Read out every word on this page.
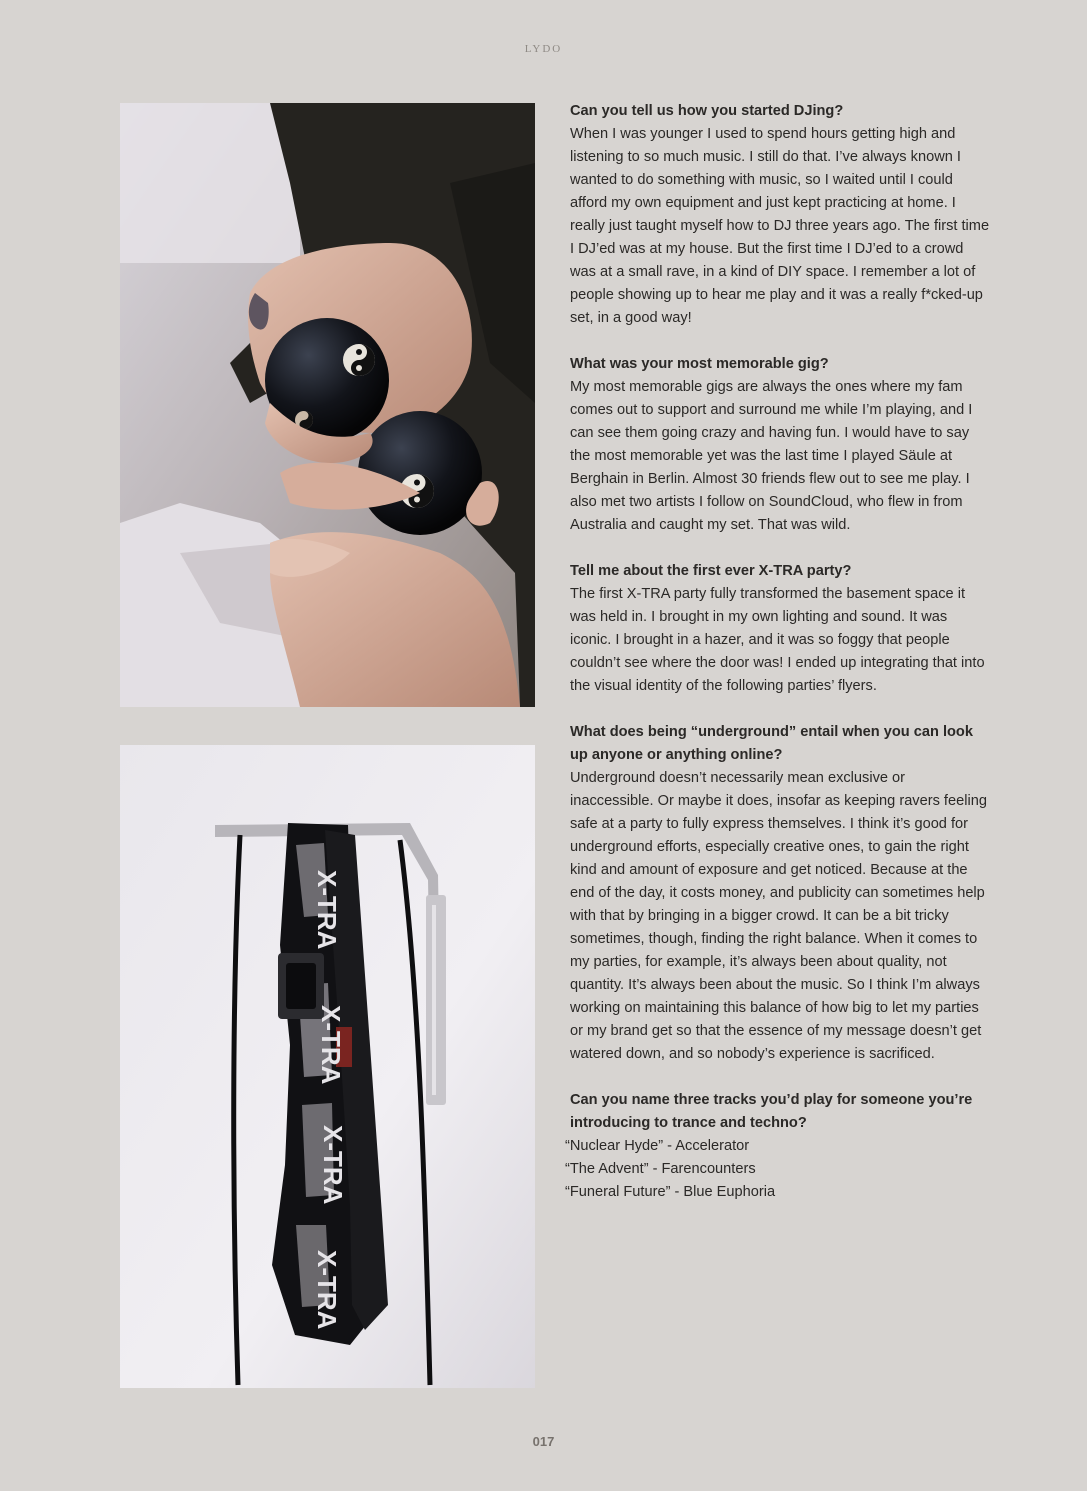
LYDO
X-TRA
X-TRA
X-TRA
X-TRA
Can you tell us how you started DJing?

When I was younger I used to spend hours getting high and listening to so much music. I still do that. I’ve always known I wanted to do something with music, so I waited until I could afford my own equipment and just kept practicing at home. I really just taught myself how to DJ three years ago. The first time I DJ’ed was at my house. But the first time I DJ’ed to a crowd was at a small rave, in a kind of DIY space. I remember a lot of people showing up to hear me play and it was a really f*cked-up set, in a good way!

What was your most memorable gig?

My most memorable gigs are always the ones where my fam comes out to support and surround me while I’m playing, and I can see them going crazy and having fun. I would have to say the most memorable yet was the last time I played Säule at Berghain in Berlin. Almost 30 friends flew out to see me play. I also met two artists I follow on SoundCloud, who flew in from Australia and caught my set. That was wild.

Tell me about the first ever X-TRA party?

The first X-TRA party fully transformed the basement space it was held in. I brought in my own lighting and sound. It was iconic. I brought in a hazer, and it was so foggy that people couldn’t see where the door was! I ended up integrating that into the visual identity of the following parties’ flyers.

What does being “underground” entail when you can look up anyone or anything online?

Underground doesn’t necessarily mean exclusive or inaccessible. Or maybe it does, insofar as keeping ravers feeling safe at a party to fully express themselves. I think it’s good for underground efforts, especially creative ones, to gain the right kind and amount of exposure and get noticed. Because at the end of the day, it costs money, and publicity can sometimes help with that by bringing in a bigger crowd. It can be a bit tricky sometimes, though, finding the right balance. When it comes to my parties, for example, it’s always been about quality, not quantity. It’s always been about the music. So I think I’m always working on maintaining this balance of how big to let my parties or my brand get so that the essence of my message doesn’t get watered down, and so nobody’s experience is sacrificed.

Can you name three tracks you’d play for someone you’re introducing to trance and techno?
“Nuclear Hyde” - Accelerator
“The Advent” - Farencounters
“Funeral Future” - Blue Euphoria
017
